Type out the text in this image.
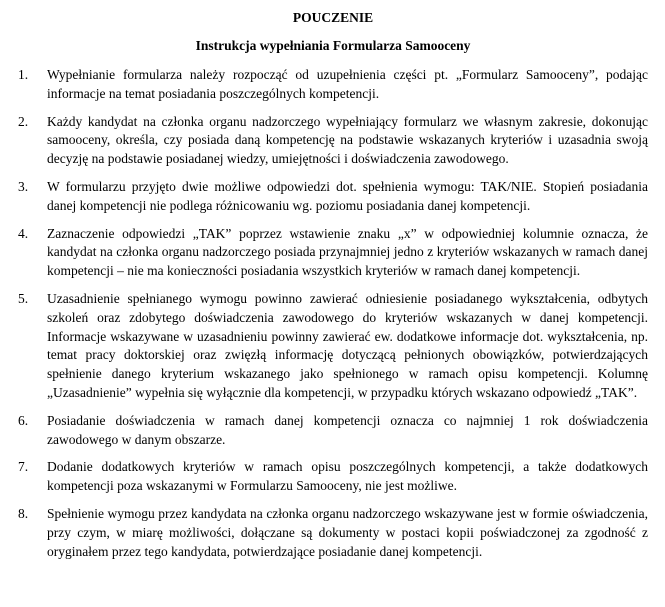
POUCZENIE
Instrukcja wypełniania Formularza Samooceny
1.	Wypełnianie formularza należy rozpocząć od uzupełnienia części pt. „Formularz Samooceny”, podając informacje na temat posiadania poszczególnych kompetencji.
2.	Każdy kandydat na członka organu nadzorczego wypełniający formularz we własnym zakresie, dokonując samooceny, określa, czy posiada daną kompetencję na podstawie wskazanych kryteriów i uzasadnia swoją decyzję na podstawie posiadanej wiedzy, umiejętności i doświadczenia zawodowego.
3.	W formularzu przyjęto dwie możliwe odpowiedzi dot. spełnienia wymogu: TAK/NIE. Stopień posiadania danej kompetencji nie podlega różnicowaniu wg. poziomu posiadania danej kompetencji.
4.	Zaznaczenie odpowiedzi „TAK” poprzez wstawienie znaku „x” w odpowiedniej kolumnie oznacza, że kandydat na członka organu nadzorczego posiada przynajmniej jedno z kryteriów wskazanych w ramach danej kompetencji – nie ma konieczności posiadania wszystkich kryteriów w ramach danej kompetencji.
5.	Uzasadnienie spełnianego wymogu powinno zawierać odniesienie posiadanego wykształcenia, odbytych szkoleń oraz zdobytego doświadczenia zawodowego do kryteriów wskazanych w danej kompetencji. Informacje wskazywane w uzasadnieniu powinny zawierać ew. dodatkowe informacje dot. wykształcenia, np. temat pracy doktorskiej oraz zwięzłą informację dotyczącą pełnionych obowiązków, potwierdzających spełnienie danego kryterium wskazanego jako spełnionego w ramach opisu kompetencji. Kolumnę „Uzasadnienie” wypełnia się wyłącznie dla kompetencji, w przypadku których wskazano odpowiedź „TAK”.
6.	Posiadanie doświadczenia w ramach danej kompetencji oznacza co najmniej 1 rok doświadczenia zawodowego w danym obszarze.
7.	Dodanie dodatkowych kryteriów w ramach opisu poszczególnych kompetencji, a także dodatkowych kompetencji poza wskazanymi w Formularzu Samooceny, nie jest możliwe.
8.	Spełnienie wymogu przez kandydata na członka organu nadzorczego wskazywane jest w formie oświadczenia, przy czym, w miarę możliwości, dołączane są dokumenty w postaci kopii poświadczonej za zgodność z oryginałem przez tego kandydata, potwierdzające posiadanie danej kompetencji.
